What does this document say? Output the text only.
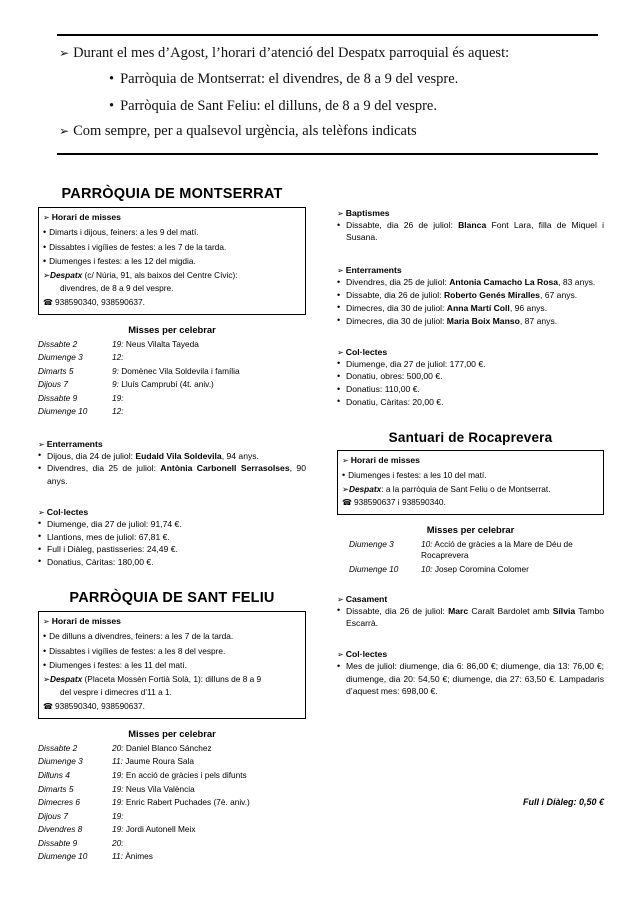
➢ Durant el mes d’Agost, l’horari d’atenció del Despatx parroquial és aquest:
• Parròquia de Montserrat: el divendres, de 8 a 9 del vespre.
• Parròquia de Sant Feliu: el dilluns, de 8 a 9 del vespre.
➢ Com sempre, per a qualsevol urgència, als telèfons indicats
PARRÒQUIA DE MONTSERRAT
➢ Horari de misses
• Dimarts i dijous, feiners: a les 9 del matí.
• Dissabtes i vigílies de festes: a les 7 de la tarda.
• Diumenges i festes: a les 12 del migdia.
➢Despatx (c/ Núria, 91, als baixos del Centre Cívic):
divendres, de 8 a 9 del vespre.
☎ 938590340, 938590637.
Misses per celebrar
Dissabte 2	19: Neus Vilalta Tayeda
Diumenge 3	12:
Dimarts 5	9: Domènec Vila Soldevila i família
Dijous 7	9: Lluís Camprubí (4t. aniv.)
Dissabte 9	19:
Diumenge 10	12:
➢ Enterraments
• Dijous, dia 24 de juliol: Eudald Vila Soldevila, 94 anys.
• Divendres, dia 25 de juliol: Antònia Carbonell Serrasolses, 90 anys.
➢ Col·lectes
• Diumenge, dia 27 de juliol: 91,74 €.
• Llantions, mes de juliol: 67,81 €.
• Full i Diàleg, pastisseries: 24,49 €.
• Donatius, Càritas: 180,00 €.
PARRÒQUIA DE SANT FELIU
➢ Horari de misses
• De dilluns a divendres, feiners: a les 7 de la tarda.
• Dissabtes i vigílies de festes: a les 8 del vespre.
• Diumenges i festes: a les 11 del matí.
➢Despatx (Placeta Mossèn Fortià Solà, 1): dilluns de 8 a 9
del vespre i dimecres d’11 a 1.
☎ 938590340, 938590637.
Misses per celebrar
Dissabte 2	20: Daniel Blanco Sánchez
Diumenge 3	11: Jaume Roura Sala
Dilluns 4	19: En acció de gràcies i pels difunts
Dimarts 5	19: Neus Vila València
Dimecres 6	19: Enric Rabert Puchades (7è. aniv.)
Dijous 7	19:
Divendres 8	19: Jordi Autonell Meix
Dissabte 9	20:
Diumenge 10	11: Ànimes
➢ Baptismes
• Dissabte, dia 26 de juliol: Blanca Font Lara, filla de Miquel i Susana.
➢ Enterraments
• Divendres, dia 25 de juliol: Antonia Camacho La Rosa, 83 anys.
• Dissabte, dia 26 de juliol: Roberto Genés Miralles, 67 anys.
• Dimecres, dia 30 de juliol: Anna Martí Coll, 96 anys.
• Dimecres, dia 30 de juliol: Maria Boix Manso, 87 anys.
➢ Col·lectes
• Diumenge, dia 27 de juliol: 177,00 €.
• Donatiu, obres: 500,00 €.
• Donatius: 110,00 €.
• Donatiu, Càritas: 20,00 €.
Santuari de Rocaprevera
➢ Horari de misses
• Diumenges i festes: a les 10 del matí.
➢Despatx: a la parròquia de Sant Feliu o de Montserrat.
☎ 938590637 i 938590340.
Misses per celebrar
Diumenge 3	10: Acció de gràcies a la Mare de Déu de Rocaprevera
Diumenge 10	10: Josep Coromina Colomer
➢ Casament
• Dissabte, dia 26 de juliol: Marc Caralt Bardolet amb Sílvia Tambo Escarrà.
➢ Col·lectes
• Mes de juliol: diumenge, dia 6: 86,00 €; diumenge, dia 13: 76,00 €; diumenge, dia 20: 54,50 €; diumenge, dia 27: 63,50 €. Lampadaris d’aquest mes: 698,00 €.
Full i Diàleg: 0,50 €
